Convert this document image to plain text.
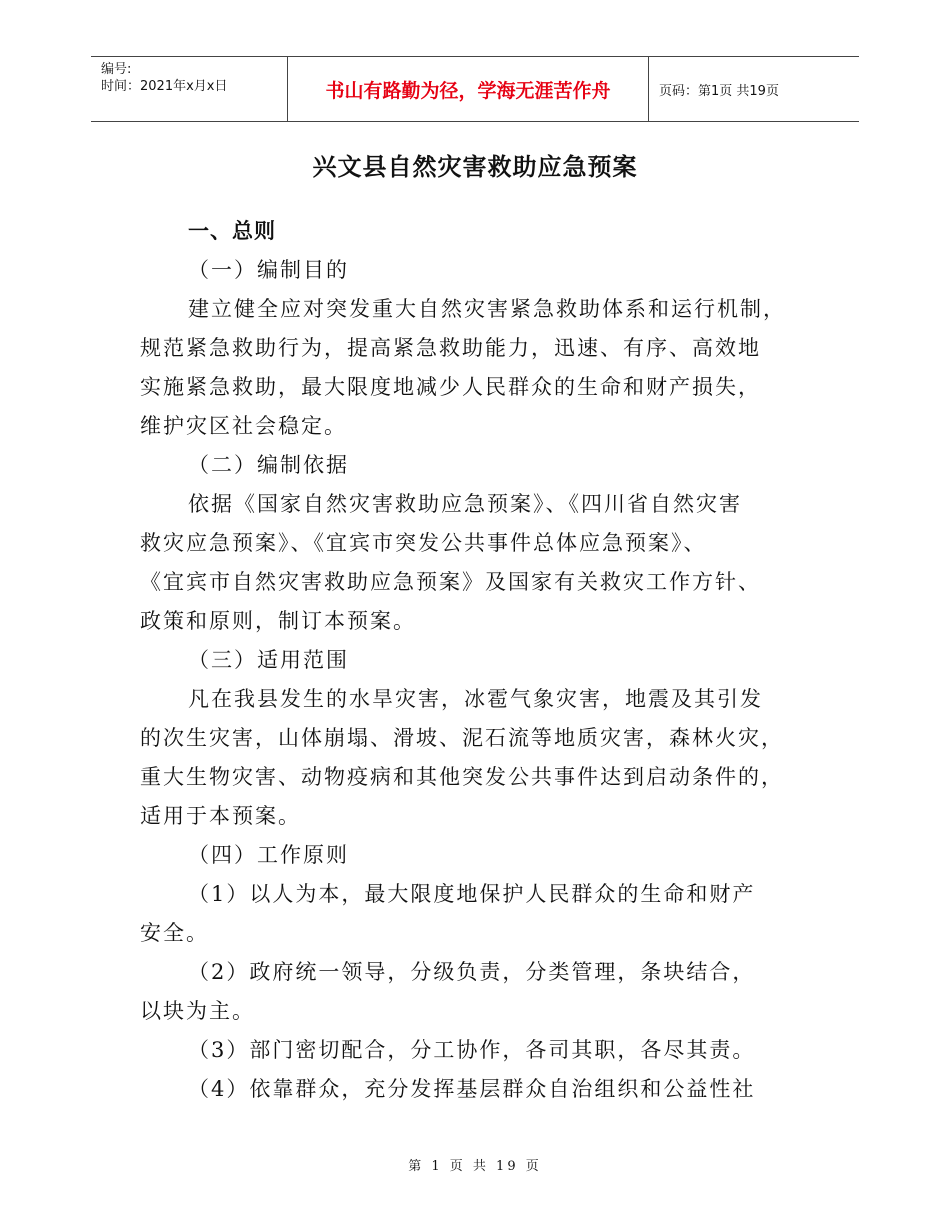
编号:
时间：2021年x月x日	书山有路勤为径，学海无涯苦作舟	页码：第1页 共19页
兴文县自然灾害救助应急预案
一、总则
（一）编制目的
建立健全应对突发重大自然灾害紧急救助体系和运行机制，
规范紧急救助行为，提高紧急救助能力，迅速、有序、高效地
实施紧急救助，最大限度地减少人民群众的生命和财产损失，
维护灾区社会稳定。
（二）编制依据
依据《国家自然灾害救助应急预案》、《四川省自然灾害
救灾应急预案》、《宜宾市突发公共事件总体应急预案》、
《宜宾市自然灾害救助应急预案》及国家有关救灾工作方针、
政策和原则，制订本预案。
（三）适用范围
凡在我县发生的水旱灾害，冰雹气象灾害，地震及其引发
的次生灾害，山体崩塌、滑坡、泥石流等地质灾害，森林火灾，
重大生物灾害、动物疫病和其他突发公共事件达到启动条件的，
适用于本预案。
（四）工作原则
（1）以人为本，最大限度地保护人民群众的生命和财产
安全。
（2）政府统一领导，分级负责，分类管理，条块结合，
以块为主。
（3）部门密切配合，分工协作，各司其职，各尽其责。
（4）依靠群众，充分发挥基层群众自治组织和公益性社
第 1 页 共 19 页
